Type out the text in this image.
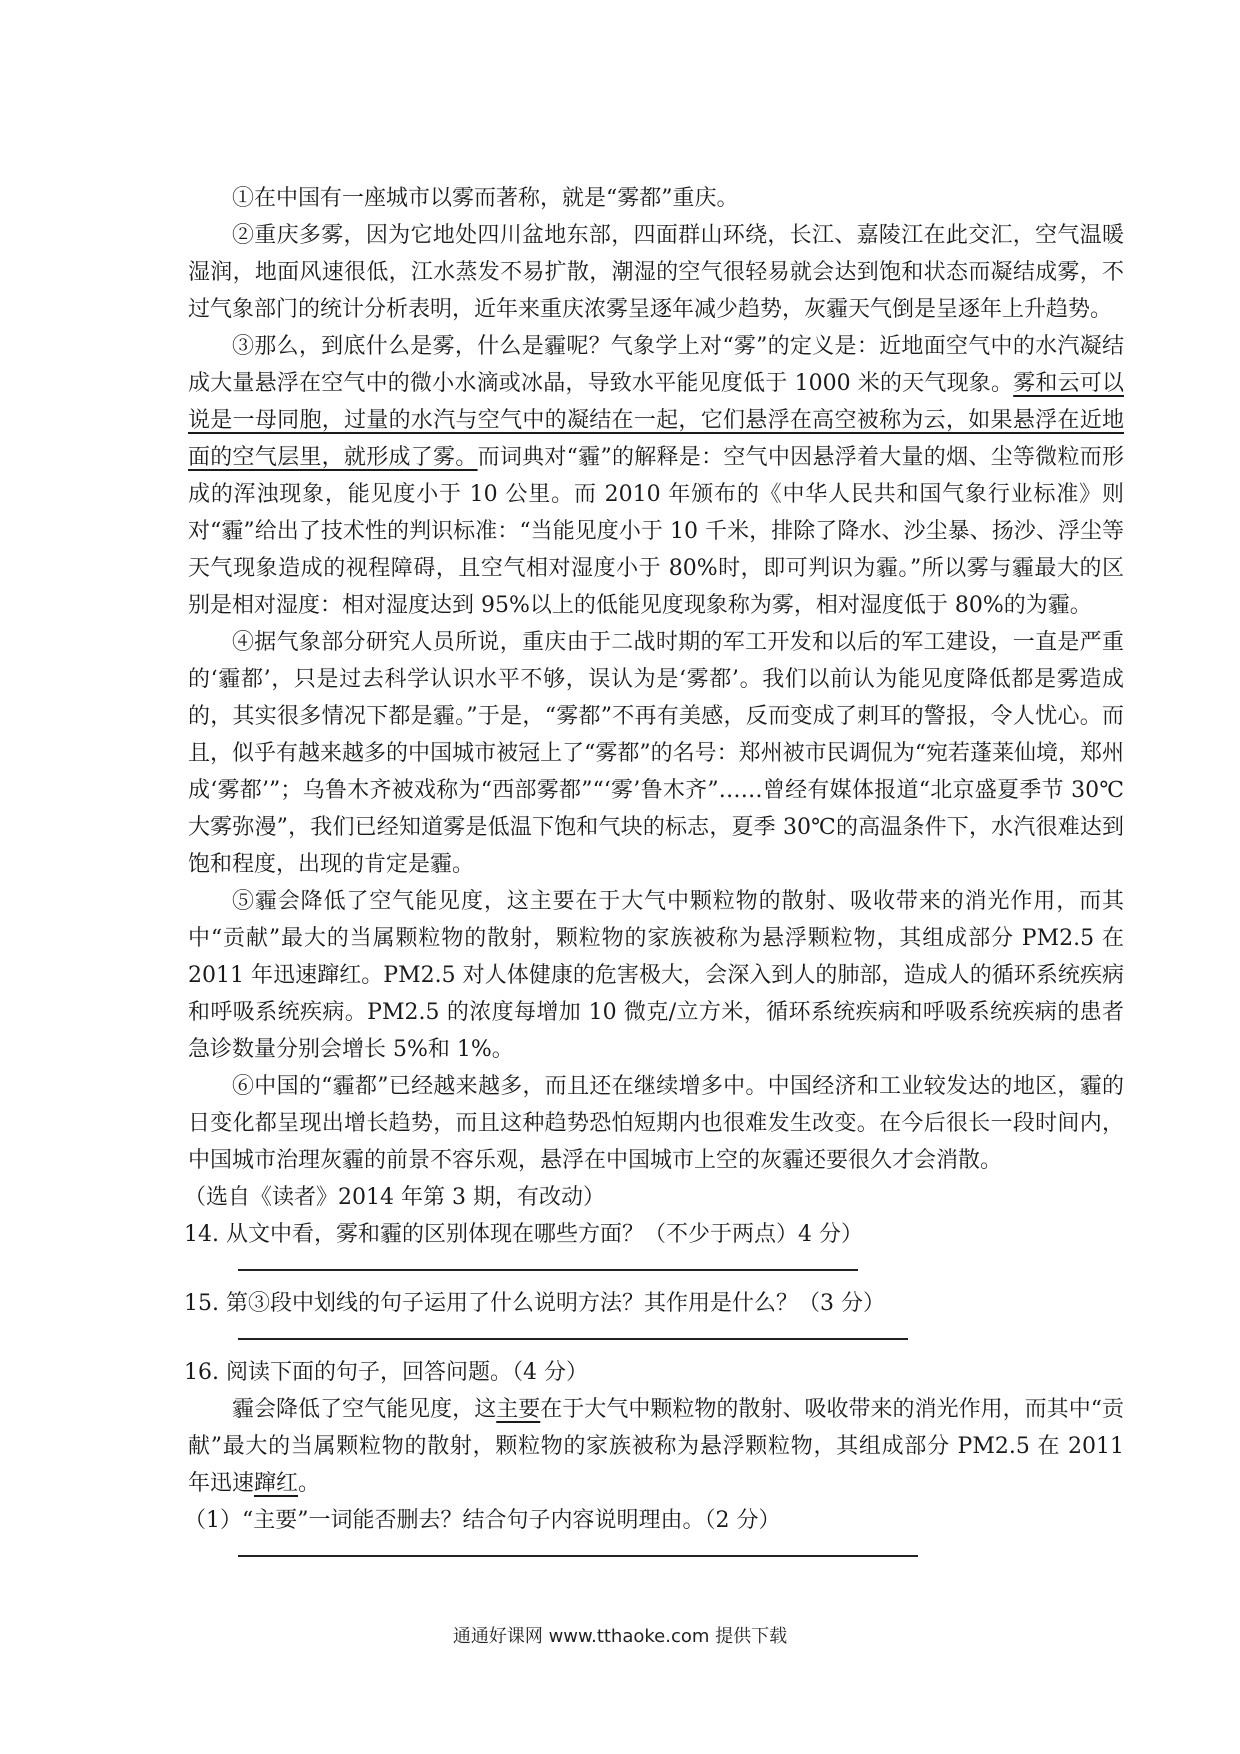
①在中国有一座城市以雾而著称，就是“雾都”重庆。

②重庆多雾，因为它地处四川盆地东部，四面群山环绕，长江、嘉陵江在此交汇，空气温暖湿润，地面风速很低，江水蒸发不易扩散，潮湿的空气很轻易就会达到饱和状态而凝结成雾，不过气象部门的统计分析表明，近年来重庆浓雾呈逐年减少趋势，灰霾天气倒是呈逐年上升趋势。

③那么，到底什么是雾，什么是霾呢？气象学上对“雾”的定义是：近地面空气中的水汽凝结成大量悬浮在空气中的微小水滴或冰晶，导致水平能见度低于 1000 米的天气现象。雾和云可以说是一母同胞，过量的水汽与空气中的凝结在一起，它们悬浮在高空被称为云，如果悬浮在近地面的空气层里，就形成了雾。而词典对“霾”的解释是：空气中因悬浮着大量的烟、尘等微粒而形成的浑浊现象，能见度小于 10 公里。而 2010 年颁布的《中华人民共和国气象行业标准》则对“霾”给出了技术性的判识标准：“当能见度小于 10 千米，排除了降水、沙尘暴、扬沙、浮尘等天气现象造成的视程障碍，且空气相对湿度小于 80%时，即可判识为霾。”所以雾与霾最大的区别是相对湿度：相对湿度达到 95%以上的低能见度现象称为雾，相对湿度低于 80%的为霾。

④据气象部分研究人员所说，重庆由于二战时期的军工开发和以后的军工建设，一直是严重的‘霾都’，只是过去科学认识水平不够，误认为是‘雾都’。我们以前认为能见度降低都是雾造成的，其实很多情况下都是霾。”于是，“雾都”不再有美感，反而变成了刺耳的警报，令人忧心。而且，似乎有越来越多的中国城市被冠上了“雾都”的名号：郑州被市民调侃为“宛若蓬莱仙境，郑州成‘雾都’”；乌鲁木齐被戏称为“西部雾都”“‘雾’鲁木齐”……曾经有媒体报道“北京盛夏季节 30℃大雾弥漫”，我们已经知道雾是低温下饱和气块的标志，夏季 30℃的高温条件下，水汽很难达到饱和程度，出现的肯定是霾。

⑤霾会降低了空气能见度，这主要在于大气中颗粒物的散射、吸收带来的消光作用，而其中“贡献”最大的当属颗粒物的散射，颗粒物的家族被称为悬浮颗粒物，其组成部分 PM2.5 在 2011 年迅速蹿红。PM2.5 对人体健康的危害极大，会深入到人的肺部，造成人的循环系统疾病和呼吸系统疾病。PM2.5 的浓度每增加 10 微克/立方米，循环系统疾病和呼吸系统疾病的患者急诊数量分别会增长 5%和 1%。

⑥中国的“霾都”已经越来越多，而且还在继续增多中。中国经济和工业较发达的地区，霾的日变化都呈现出增长趋势，而且这种趋势恐怕短期内也很难发生改变。在今后很长一段时间内，中国城市治理灰霾的前景不容乐观，悬浮在中国城市上空的灰霾还要很久才会消散。

（选自《读者》2014 年第 3 期，有改动）

14. 从文中看，雾和霾的区别体现在哪些方面？（不少于两点）4 分）

15. 第③段中划线的句子运用了什么说明方法？其作用是什么？（3 分）

16. 阅读下面的句子，回答问题。（4 分）

霾会降低了空气能见度，这主要在于大气中颗粒物的散射、吸收带来的消光作用，而其中“贡献”最大的当属颗粒物的散射，颗粒物的家族被称为悬浮颗粒物，其组成部分 PM2.5 在 2011 年迅速蹿红。

（1）“主要”一词能否删去？结合句子内容说明理由。（2 分）

通通好课网 www.tthaoke.com 提供下载
